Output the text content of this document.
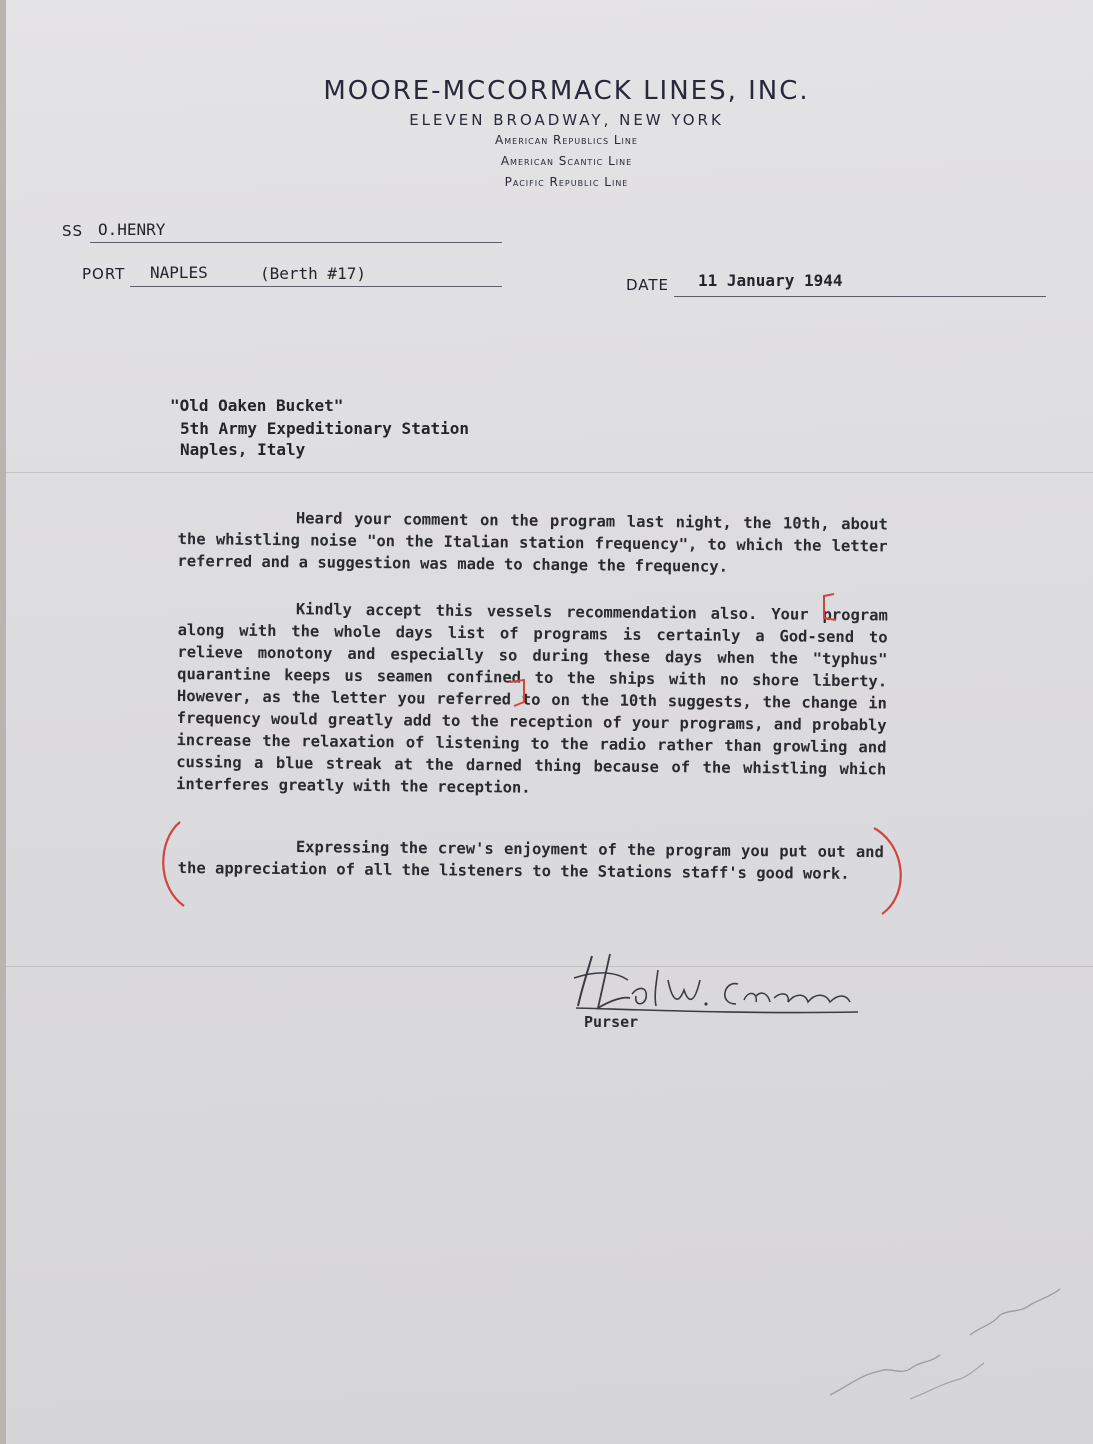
MOORE-MCCORMACK LINES, INC.
ELEVEN BROADWAY, NEW YORK
American Republics Line
American Scantic Line
Pacific Republic Line
SS O.HENRY
PORT NAPLES	(Berth #17)
DATE 11 January 1944
"Old Oaken Bucket"
5th Army Expeditionary Station
Naples, Italy

Heard your comment on the program last night, the 10th, about the whistling noise "on the Italian station frequency", to which the letter referred and a suggestion was made to change the frequency.

Kindly accept this vessels recommendation also. Your program along with the whole days list of programs is certainly a God-send to relieve monotony and especially so during these days when the "typhus" quarantine keeps us seamen confined to the ships with no shore liberty. However, as the letter you referred to on the 10th suggests, the change in frequency would greatly add to the reception of your programs, and probably increase the relaxation of listening to the radio rather than growling and cussing a blue streak at the darned thing because of the whistling which interferes greatly with the reception.

Expressing the crew's enjoyment of the program you put out and the appreciation of all the listeners to the Stations staff's good work.

Purser
